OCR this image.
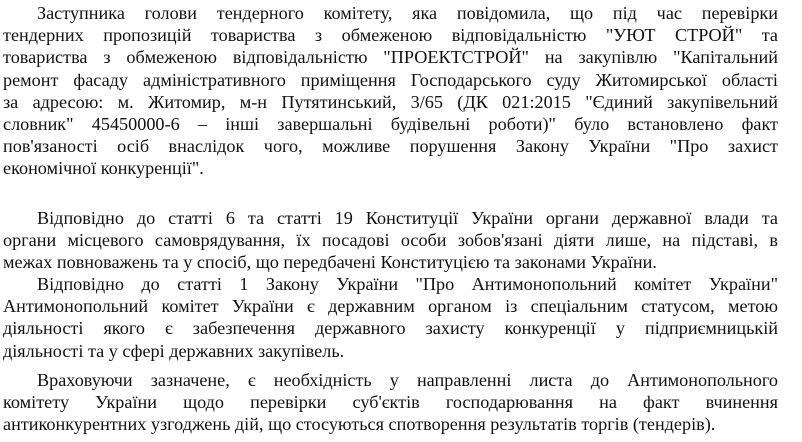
Заступника голови тендерного комітету, яка повідомила, що під час перевірки
тендерних пропозицій товариства з обмеженою відповідальністю "УЮТ СТРОЙ" та
товариства з обмеженою відповідальністю "ПРОЕКТСТРОЙ" на закупівлю "Капітальний
ремонт фасаду адміністративного приміщення Господарського суду Житомирської області
за адресою: м. Житомир, м-н Путятинський, 3/65 (ДК 021:2015 "Єдиний закупівельний
словник" 45450000-6 – інші завершальні будівельні роботи)" було встановлено факт
пов'язаності осіб внаслідок чого, можливе порушення Закону України "Про захист
економічної конкуренції".
Відповідно до статті 6 та статті 19 Конституції України органи державної влади та
органи місцевого самоврядування, їх посадові особи зобов'язані діяти лише, на підставі, в
межах повноважень та у спосіб, що передбачені Конституцією та законами України.
Відповідно до статті 1 Закону України "Про Антимонопольний комітет України"
Антимонопольний комітет України є державним органом із спеціальним статусом, метою
діяльності якого є забезпечення державного захисту конкуренції у підприємницькій
діяльності та у сфері державних закупівель.
Враховуючи зазначене, є необхідність у направленні листа до Антимонопольного
комітету України щодо перевірки суб'єктів господарювання на факт вчинення
антиконкурентних узгоджень дій, що стосуються спотворення результатів торгів (тендерів).
